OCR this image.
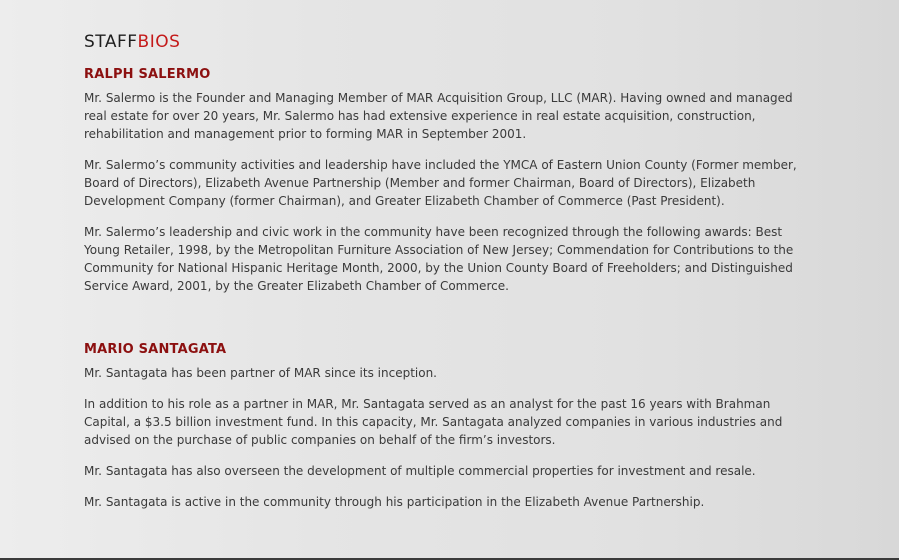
STAFFBIOS
RALPH SALERMO

Mr. Salermo is the Founder and Managing Member of MAR Acquisition Group, LLC (MAR). Having owned and managed real estate for over 20 years, Mr. Salermo has had extensive experience in real estate acquisition, construction, rehabilitation and management prior to forming MAR in September 2001.

Mr. Salermo’s community activities and leadership have included the YMCA of Eastern Union County (Former member, Board of Directors), Elizabeth Avenue Partnership (Member and former Chairman, Board of Directors), Elizabeth Development Company (former Chairman), and Greater Elizabeth Chamber of Commerce (Past President).

Mr. Salermo’s leadership and civic work in the community have been recognized through the following awards: Best Young Retailer, 1998, by the Metropolitan Furniture Association of New Jersey; Commendation for Contributions to the Community for National Hispanic Heritage Month, 2000, by the Union County Board of Freeholders; and Distinguished Service Award, 2001, by the Greater Elizabeth Chamber of Commerce.

MARIO SANTAGATA

Mr. Santagata has been partner of MAR since its inception.

In addition to his role as a partner in MAR, Mr. Santagata served as an analyst for the past 16 years with Brahman Capital, a $3.5 billion investment fund. In this capacity, Mr. Santagata analyzed companies in various industries and advised on the purchase of public companies on behalf of the firm’s investors.

Mr. Santagata has also overseen the development of multiple commercial properties for investment and resale.

Mr. Santagata is active in the community through his participation in the Elizabeth Avenue Partnership.
